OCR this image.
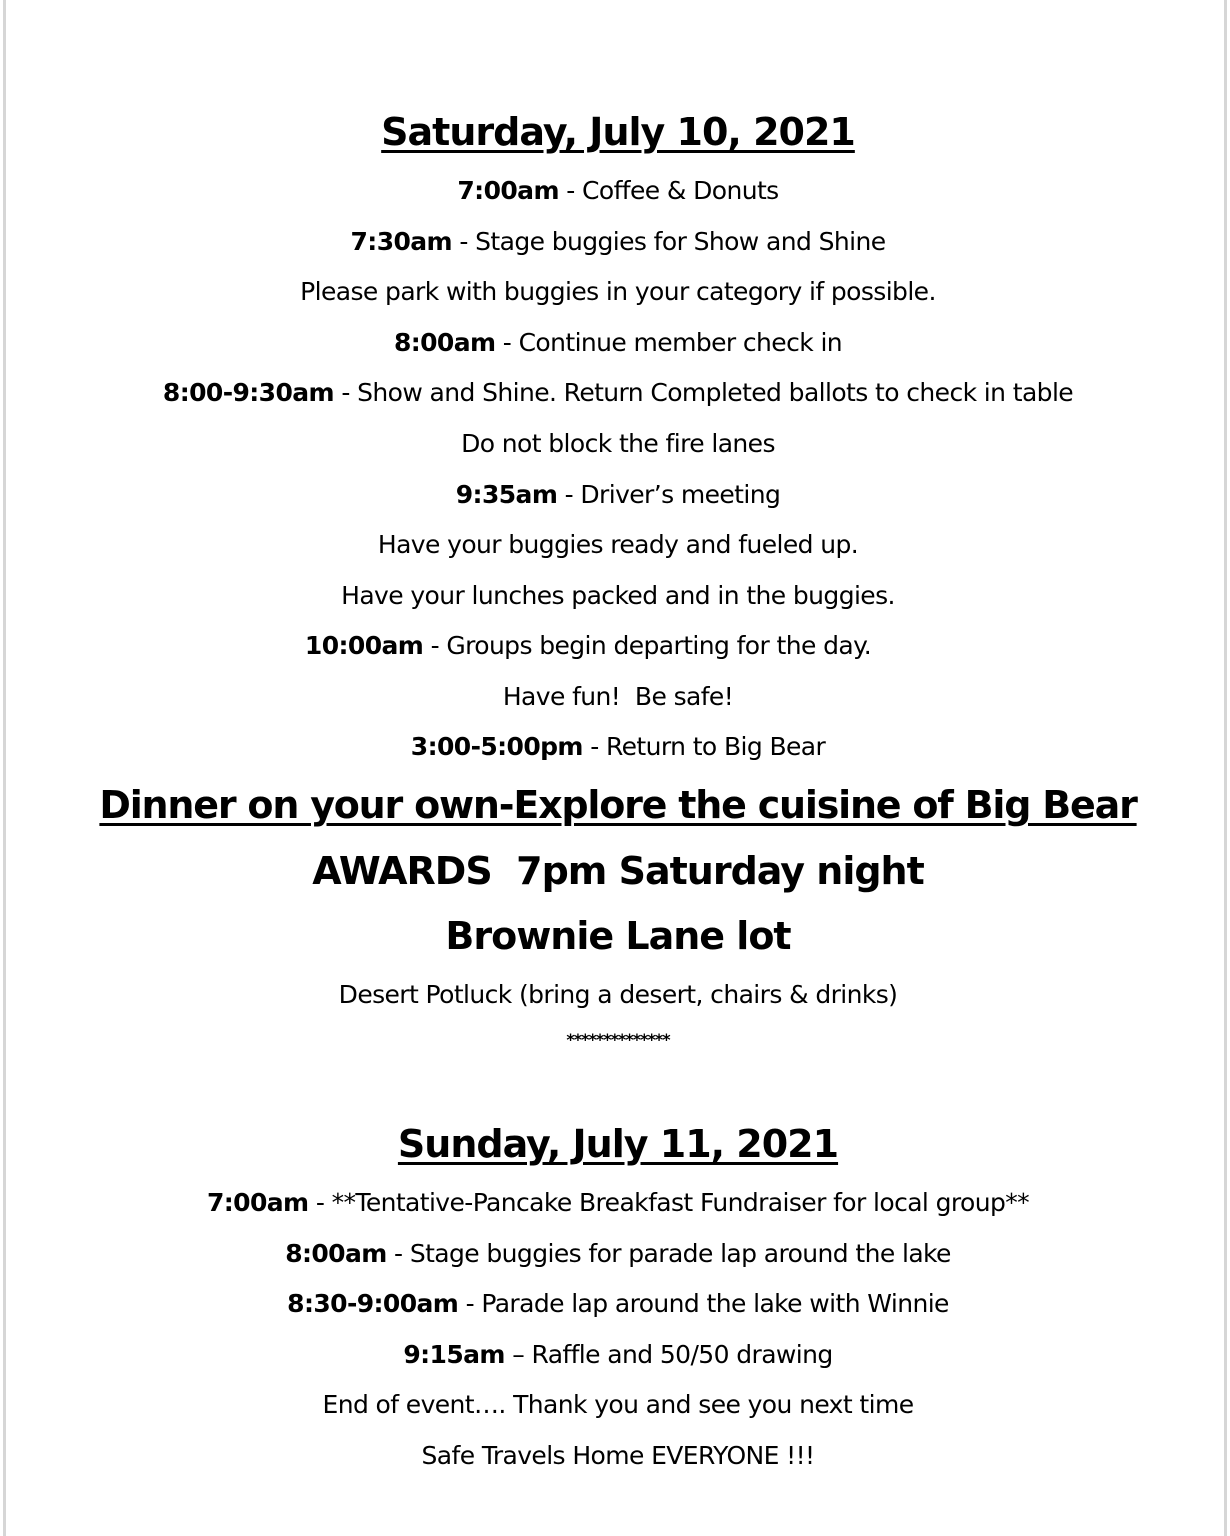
Saturday, July 10, 2021
7:00am - Coffee & Donuts
7:30am - Stage buggies for Show and Shine
Please park with buggies in your category if possible.
8:00am - Continue member check in
8:00-9:30am - Show and Shine. Return Completed ballots to check in table
Do not block the fire lanes
9:35am - Driver’s meeting
Have your buggies ready and fueled up.
Have your lunches packed and in the buggies.
10:00am - Groups begin departing for the day.
Have fun!  Be safe!
3:00-5:00pm - Return to Big Bear
Dinner on your own-Explore the cuisine of Big Bear
AWARDS  7pm Saturday night
Brownie Lane lot
Desert Potluck (bring a desert, chairs & drinks)
**************
Sunday, July 11, 2021
7:00am - **Tentative-Pancake Breakfast Fundraiser for local group**
8:00am - Stage buggies for parade lap around the lake
8:30-9:00am - Parade lap around the lake with Winnie
9:15am – Raffle and 50/50 drawing
End of event…. Thank you and see you next time
Safe Travels Home EVERYONE !!!
